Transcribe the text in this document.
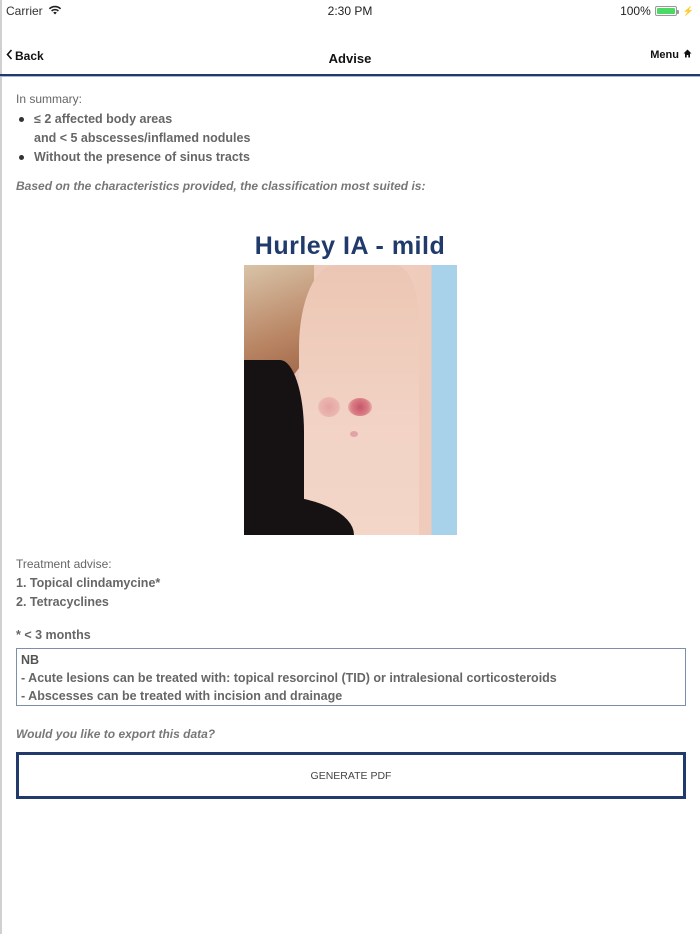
Carrier	2:30 PM	100%	⚡
Back	Advise	Menu
In summary:
≤ 2 affected body areas
and < 5 abscesses/inflamed nodules
Without the presence of sinus tracts
Based on the characteristics provided, the classification most suited is:
Hurley IA - mild
Treatment advise:
1. Topical clindamycine*
2. Tetracyclines
* < 3 months
NB
- Acute lesions can be treated with: topical resorcinol (TID) or intralesional corticosteroids
- Abscesses can be treated with incision and drainage
Would you like to export this data?
GENERATE PDF
